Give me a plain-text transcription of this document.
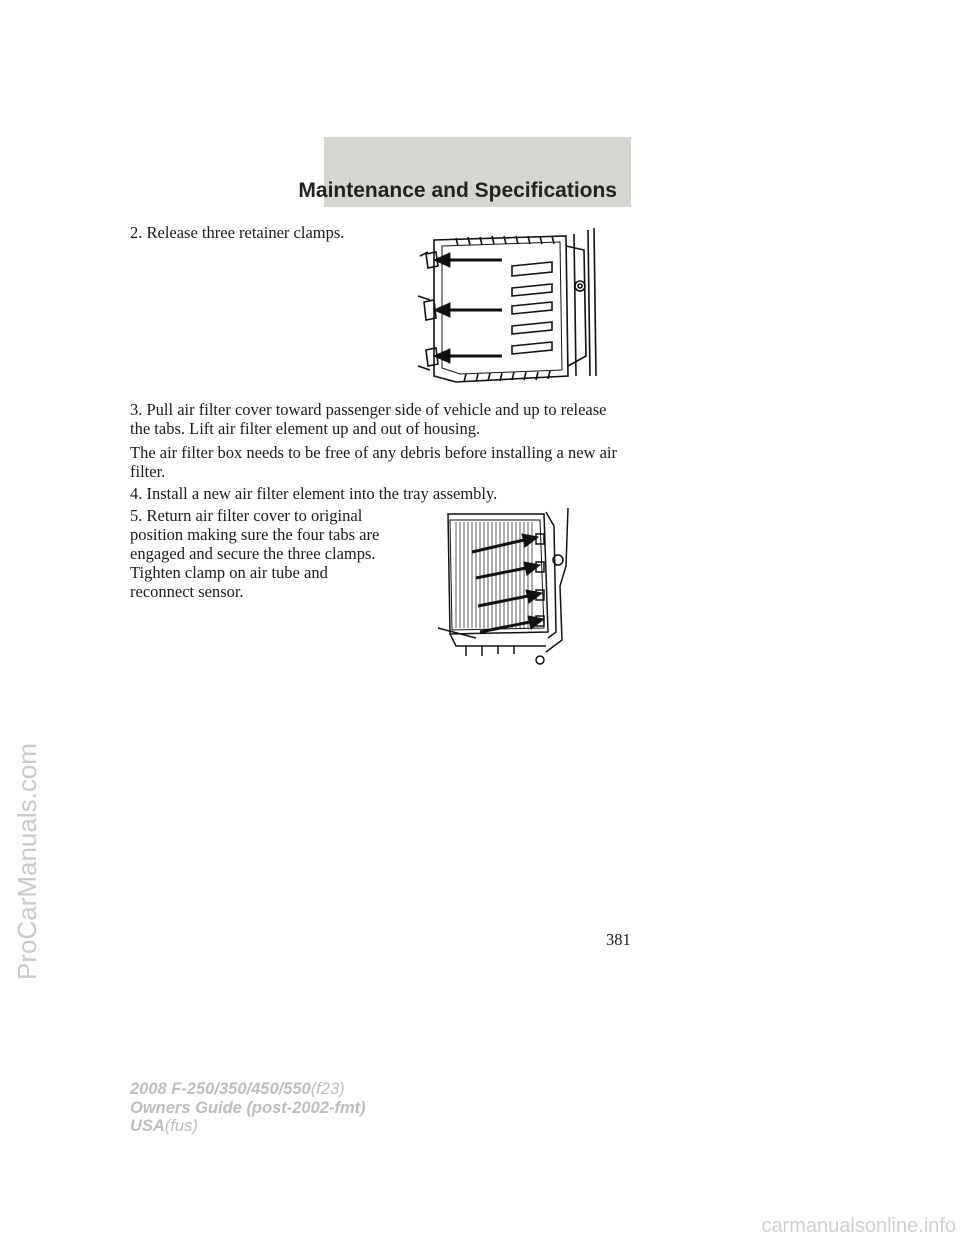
Maintenance and Specifications

2. Release three retainer clamps.

3. Pull air filter cover toward passenger side of vehicle and up to release the tabs. Lift air filter element up and out of housing.

The air filter box needs to be free of any debris before installing a new air filter.

4. Install a new air filter element into the tray assembly.

5. Return air filter cover to original position making sure the four tabs are engaged and secure the three clamps. Tighten clamp on air tube and reconnect sensor.

381
2008 F-250/350/450/550(f23)
Owners Guide (post-2002-fmt)
USA(fus)
ProCarManuals.com
carmanualsonline.info
